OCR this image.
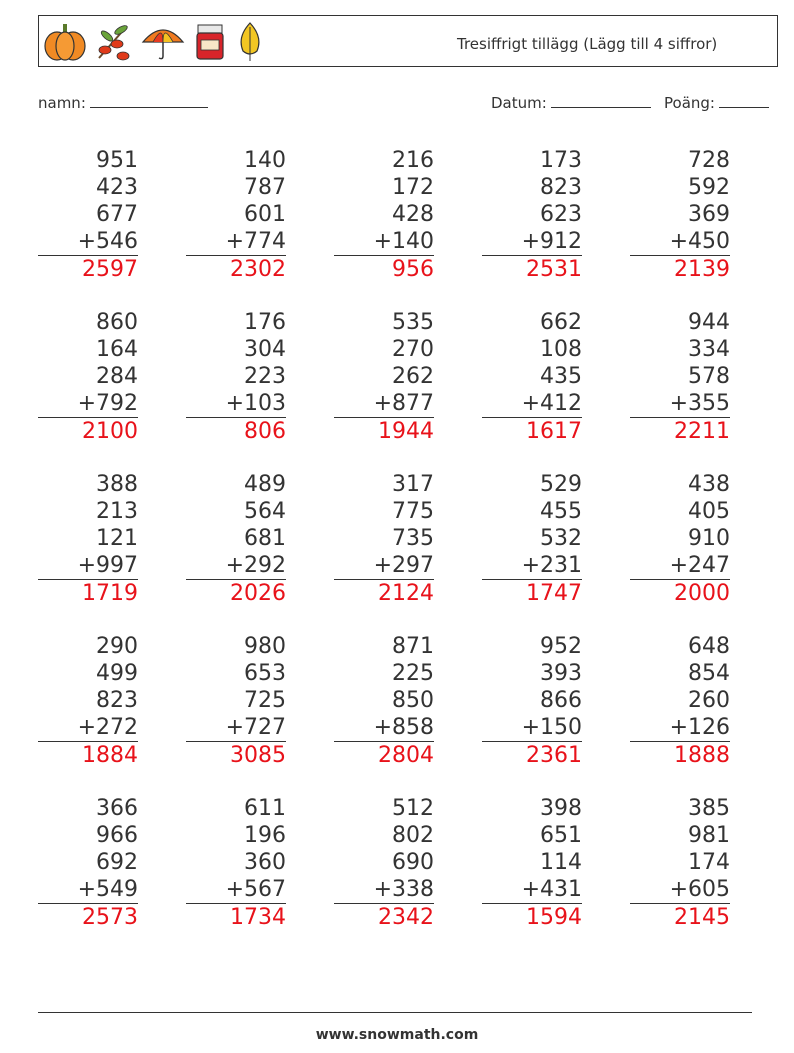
Tresiffrigt tillägg (Lägg till 4 siffror)
namn:	Datum:	Poäng:
951
423
677
+546
2597
140
787
601
+774
2302
216
172
428
+140
956
173
823
623
+912
2531
728
592
369
+450
2139
860
164
284
+792
2100
176
304
223
+103
806
535
270
262
+877
1944
662
108
435
+412
1617
944
334
578
+355
2211
388
213
121
+997
1719
489
564
681
+292
2026
317
775
735
+297
2124
529
455
532
+231
1747
438
405
910
+247
2000
290
499
823
+272
1884
980
653
725
+727
3085
871
225
850
+858
2804
952
393
866
+150
2361
648
854
260
+126
1888
366
966
692
+549
2573
611
196
360
+567
1734
512
802
690
+338
2342
398
651
114
+431
1594
385
981
174
+605
2145
www.snowmath.com
